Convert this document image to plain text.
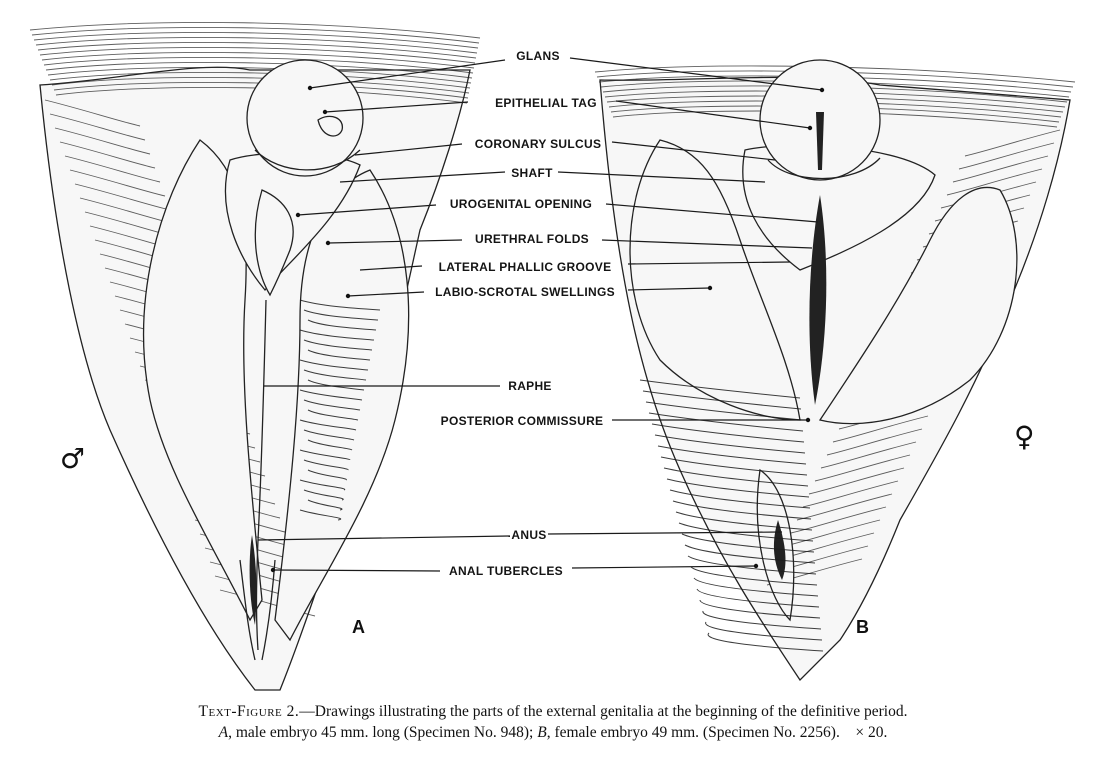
GLANS
EPITHELIAL TAG
CORONARY SULCUS
SHAFT
UROGENITAL OPENING
URETHRAL FOLDS
LATERAL PHALLIC GROOVE
LABIO-SCROTAL SWELLINGS
RAPHE
POSTERIOR COMMISSURE
ANUS
ANAL TUBERCLES
A	B
♂
♀
Text-Figure 2.—Drawings illustrating the parts of the external genitalia at the beginning of the definitive period.
A, male embryo 45 mm. long (Specimen No. 948); B, female embryo 49 mm. (Specimen No. 2256). × 20.
